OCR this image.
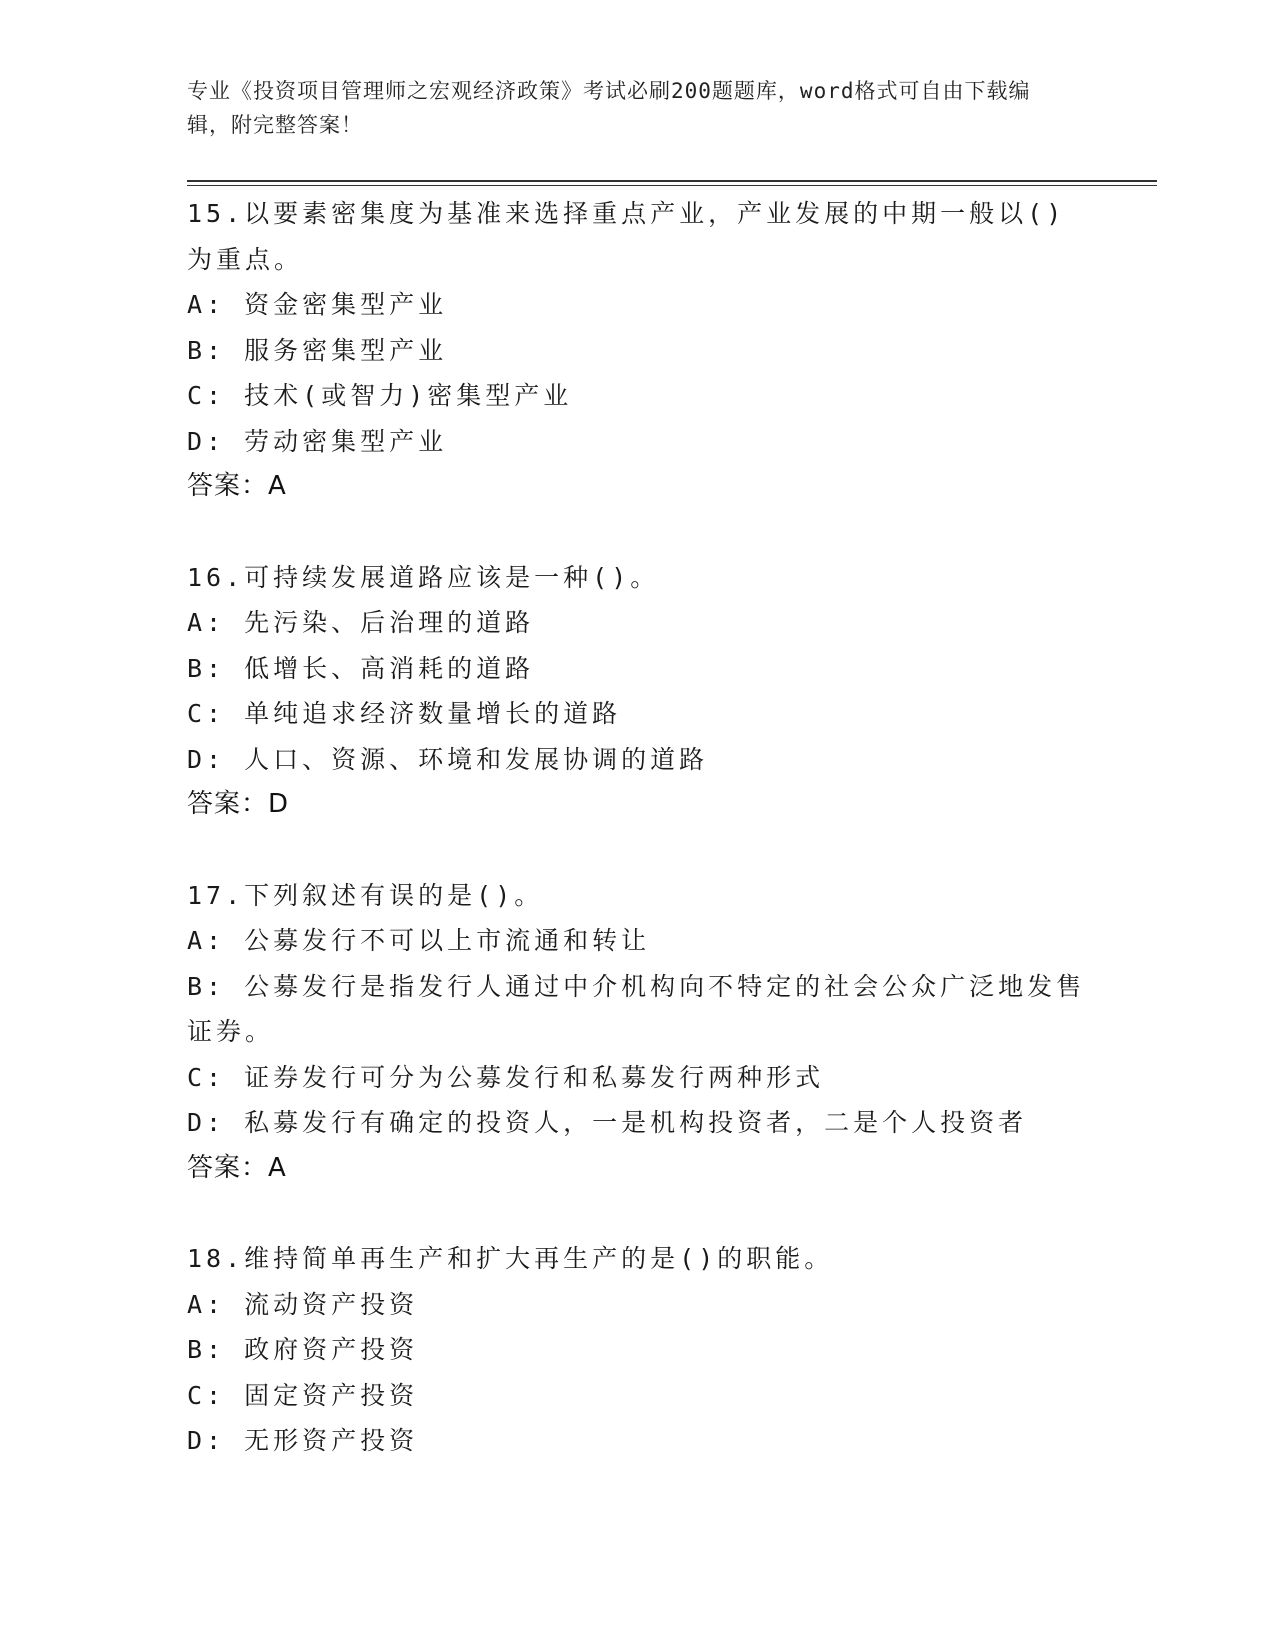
专业《投资项目管理师之宏观经济政策》考试必刷200题题库，word格式可自由下载编辑，附完整答案！

15.以要素密集度为基准来选择重点产业，产业发展的中期一般以()为重点。

A: 资金密集型产业

B: 服务密集型产业

C: 技术(或智力)密集型产业

D: 劳动密集型产业

答案：A

16.可持续发展道路应该是一种()。

A: 先污染、后治理的道路

B: 低增长、高消耗的道路

C: 单纯追求经济数量增长的道路

D: 人口、资源、环境和发展协调的道路

答案：D

17.下列叙述有误的是()。

A: 公募发行不可以上市流通和转让

B: 公募发行是指发行人通过中介机构向不特定的社会公众广泛地发售证券。

C: 证券发行可分为公募发行和私募发行两种形式

D: 私募发行有确定的投资人，一是机构投资者，二是个人投资者

答案：A

18.维持简单再生产和扩大再生产的是()的职能。

A: 流动资产投资

B: 政府资产投资

C: 固定资产投资

D: 无形资产投资
